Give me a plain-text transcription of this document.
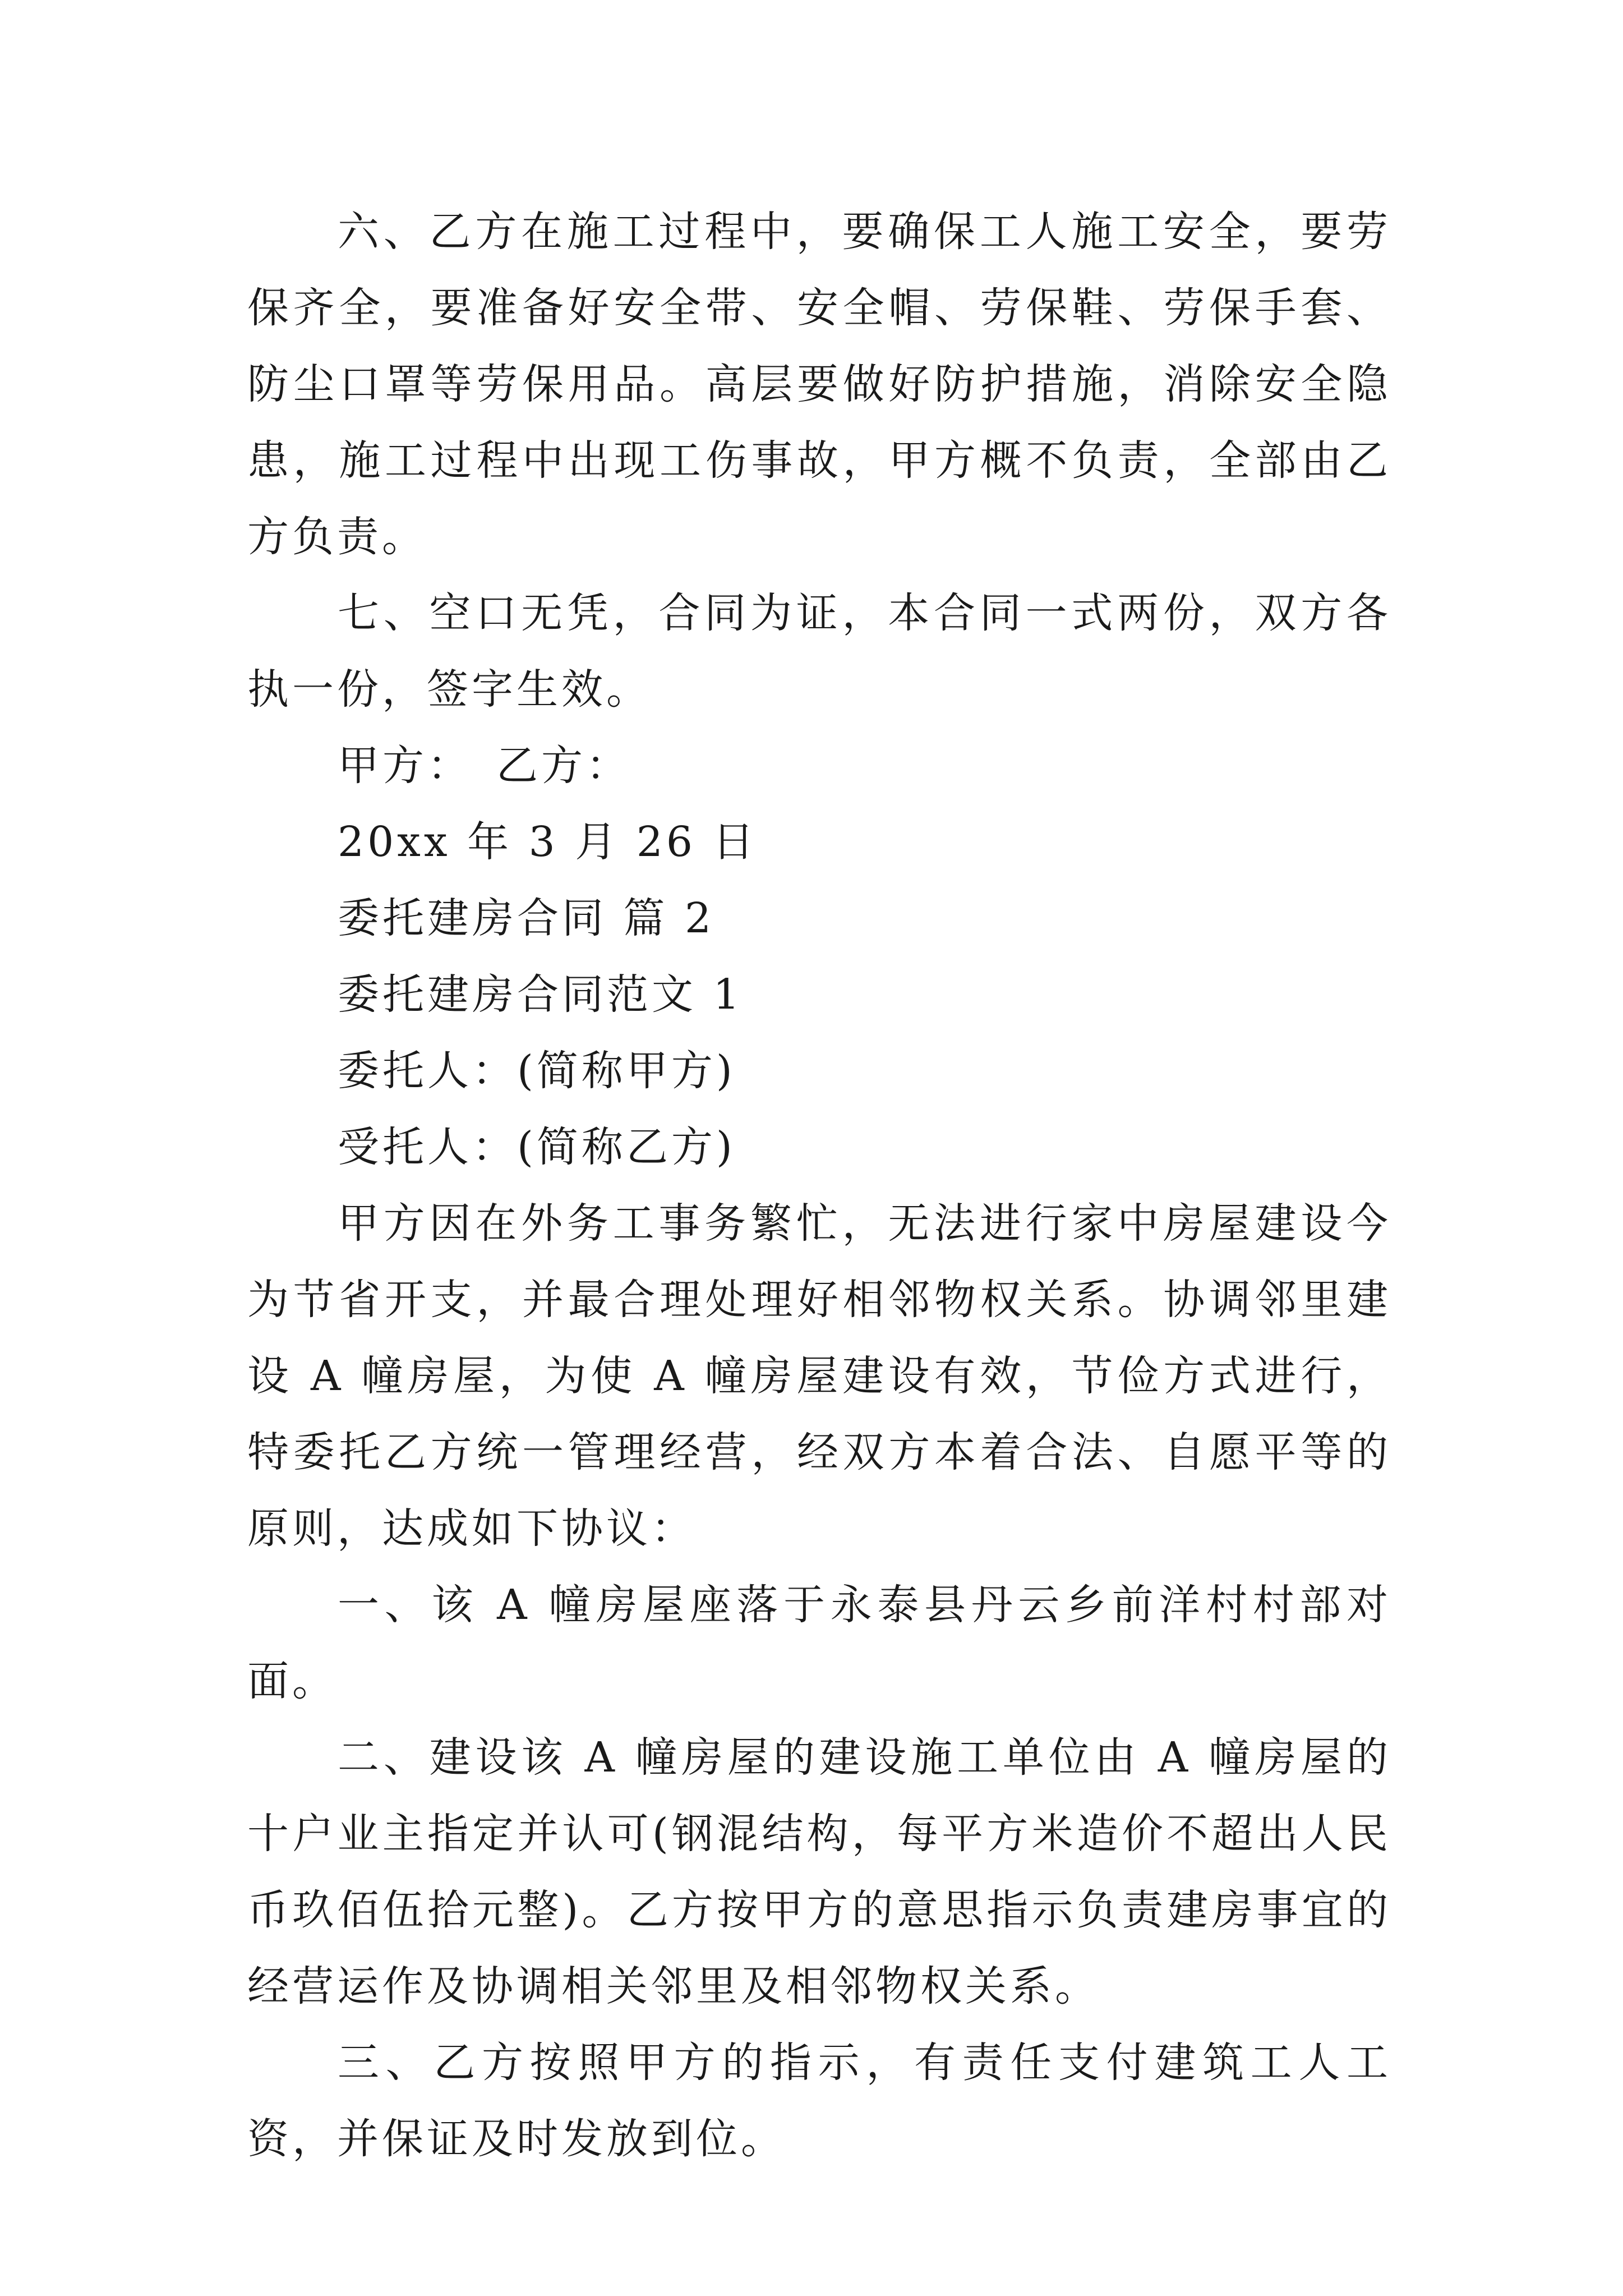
六、乙方在施工过程中，要确保工人施工安全，要劳保齐全，要准备好安全带、安全帽、劳保鞋、劳保手套、防尘口罩等劳保用品。高层要做好防护措施，消除安全隐患，施工过程中出现工伤事故，甲方概不负责，全部由乙方负责。

七、空口无凭，合同为证，本合同一式两份，双方各执一份，签字生效。

甲方：　乙方：

20xx 年 3 月 26 日

委托建房合同 篇 2

委托建房合同范文 1

委托人：(简称甲方)

受托人：(简称乙方)

甲方因在外务工事务繁忙，无法进行家中房屋建设今为节省开支，并最合理处理好相邻物权关系。协调邻里建设 A 幢房屋，为使 A 幢房屋建设有效，节俭方式进行，特委托乙方统一管理经营，经双方本着合法、自愿平等的原则，达成如下协议：

一、该 A 幢房屋座落于永泰县丹云乡前洋村村部对面。

二、建设该 A 幢房屋的建设施工单位由 A 幢房屋的十户业主指定并认可(钢混结构，每平方米造价不超出人民币玖佰伍拾元整)。乙方按甲方的意思指示负责建房事宜的经营运作及协调相关邻里及相邻物权关系。

三、乙方按照甲方的指示，有责任支付建筑工人工资，并保证及时发放到位。
